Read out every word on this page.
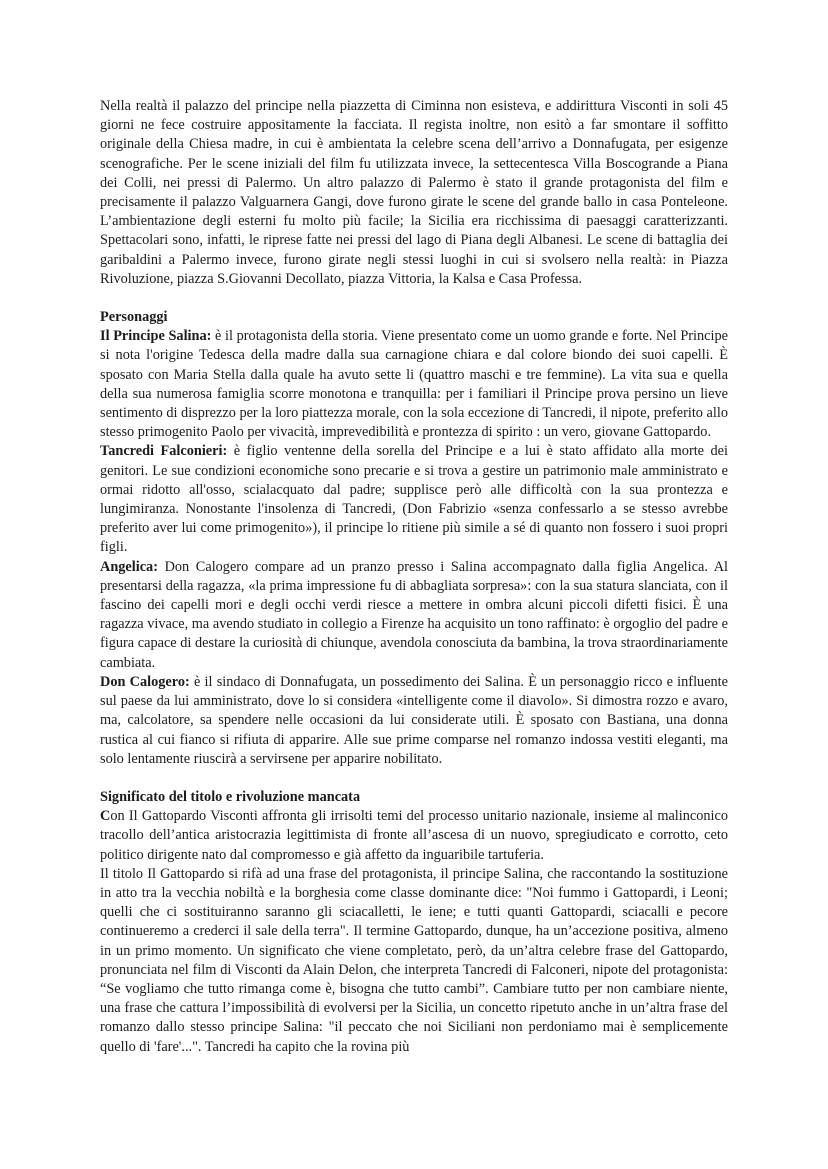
Nella realtà il palazzo del principe nella piazzetta di Ciminna non esisteva, e addirittura Visconti in soli 45 giorni ne fece costruire appositamente la facciata. Il regista inoltre, non esitò a far smontare il soffitto originale della Chiesa madre, in cui è ambientata la celebre scena dell’arrivo a Donnafugata, per esigenze scenografiche. Per le scene iniziali del film fu utilizzata invece, la settecentesca Villa Boscogrande a Piana dei Colli, nei pressi di Palermo. Un altro palazzo di Palermo è stato il grande protagonista del film e precisamente il palazzo Valguarnera Gangi, dove furono girate le scene del grande ballo in casa Ponteleone. L’ambientazione degli esterni fu molto più facile; la Sicilia era ricchissima di paesaggi caratterizzanti. Spettacolari sono, infatti, le riprese fatte nei pressi del lago di Piana degli Albanesi. Le scene di battaglia dei garibaldini a Palermo invece, furono girate negli stessi luoghi in cui si svolsero nella realtà: in Piazza Rivoluzione, piazza S.Giovanni Decollato, piazza Vittoria, la Kalsa e Casa Professa.

Personaggi

Il Principe Salina: è il protagonista della storia. Viene presentato come un uomo grande e forte. Nel Principe si nota l'origine Tedesca della madre dalla sua carnagione chiara e dal colore biondo dei suoi capelli. È sposato con Maria Stella dalla quale ha avuto sette li (quattro maschi e tre femmine). La vita sua e quella della sua numerosa famiglia scorre monotona e tranquilla: per i familiari il Principe prova persino un lieve sentimento di disprezzo per la loro piattezza morale, con la sola eccezione di Tancredi, il nipote, preferito allo stesso primogenito Paolo per vivacità, imprevedibilità e prontezza di spirito : un vero, giovane Gattopardo.

Tancredi Falconieri: è figlio ventenne della sorella del Principe e a lui è stato affidato alla morte dei genitori. Le sue condizioni economiche sono precarie e si trova a gestire un patrimonio male amministrato e ormai ridotto all'osso, scialacquato dal padre; supplisce però alle difficoltà con la sua prontezza e lungimiranza. Nonostante l'insolenza di Tancredi, (Don Fabrizio «senza confessarlo a se stesso avrebbe preferito aver lui come primogenito»), il principe lo ritiene più simile a sé di quanto non fossero i suoi propri figli.

Angelica: Don Calogero compare ad un pranzo presso i Salina accompagnato dalla figlia Angelica. Al presentarsi della ragazza, «la prima impressione fu di abbagliata sorpresa»: con la sua statura slanciata, con il fascino dei capelli mori e degli occhi verdi riesce a mettere in ombra alcuni piccoli difetti fisici. È una ragazza vivace, ma avendo studiato in collegio a Firenze ha acquisito un tono raffinato: è orgoglio del padre e figura capace di destare la curiosità di chiunque, avendola conosciuta da bambina, la trova straordinariamente cambiata.

Don Calogero: è il sindaco di Donnafugata, un possedimento dei Salina. È un personaggio ricco e influente sul paese da lui amministrato, dove lo si considera «intelligente come il diavolo». Si dimostra rozzo e avaro, ma, calcolatore, sa spendere nelle occasioni da lui considerate utili. È sposato con Bastiana, una donna rustica al cui fianco si rifiuta di apparire. Alle sue prime comparse nel romanzo indossa vestiti eleganti, ma solo lentamente riuscirà a servirsene per apparire nobilitato.

Significato del titolo e rivoluzione mancata

Con Il Gattopardo Visconti affronta gli irrisolti temi del processo unitario nazionale, insieme al malinconico tracollo dell’antica aristocrazia legittimista di fronte all’ascesa di un nuovo, spregiudicato e corrotto, ceto politico dirigente nato dal compromesso e già affetto da inguaribile tartuferia.

Il titolo Il Gattopardo si rifà ad una frase del protagonista, il principe Salina, che raccontando la sostituzione in atto tra la vecchia nobiltà e la borghesia come classe dominante dice: "Noi fummo i Gattopardi, i Leoni; quelli che ci sostituiranno saranno gli sciacalletti, le iene; e tutti quanti Gattopardi, sciacalli e pecore continueremo a crederci il sale della terra". Il termine Gattopardo, dunque, ha un’accezione positiva, almeno in un primo momento. Un significato che viene completato, però, da un’altra celebre frase del Gattopardo, pronunciata nel film di Visconti da Alain Delon, che interpreta Tancredi di Falconeri, nipote del protagonista: “Se vogliamo che tutto rimanga come è, bisogna che tutto cambi”. Cambiare tutto per non cambiare niente, una frase che cattura l’impossibilità di evolversi per la Sicilia, un concetto ripetuto anche in un’altra frase del romanzo dallo stesso principe Salina: "il peccato che noi Siciliani non perdoniamo mai è semplicemente quello di 'fare'...". Tancredi ha capito che la rovina più
